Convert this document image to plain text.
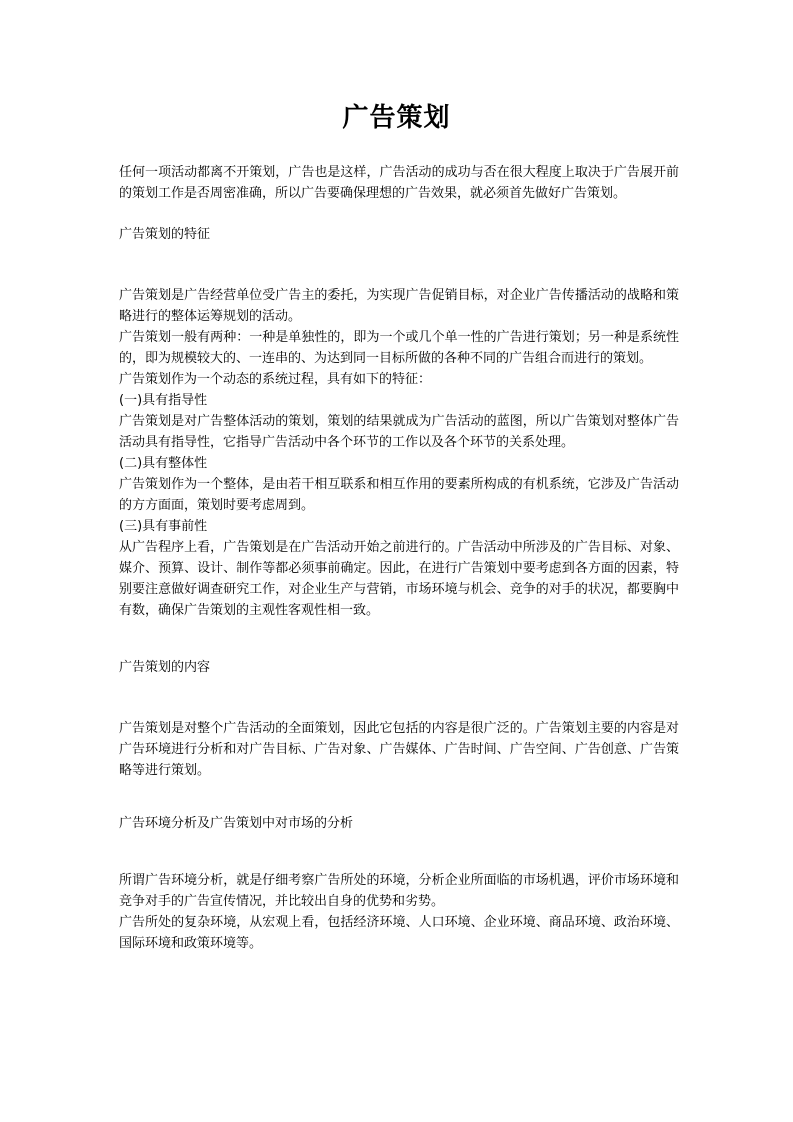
广告策划

任何一项活动都离不开策划，广告也是这样，广告活动的成功与否在很大程度上取决于广告展开前的策划工作是否周密准确，所以广告要确保理想的广告效果，就必须首先做好广告策划。

广告策划的特征

广告策划是广告经营单位受广告主的委托，为实现广告促销目标，对企业广告传播活动的战略和策略进行的整体运筹规划的活动。

广告策划一般有两种：一种是单独性的，即为一个或几个单一性的广告进行策划；另一种是系统性的，即为规模较大的、一连串的、为达到同一目标所做的各种不同的广告组合而进行的策划。

广告策划作为一个动态的系统过程，具有如下的特征：

(一)具有指导性

广告策划是对广告整体活动的策划，策划的结果就成为广告活动的蓝图，所以广告策划对整体广告活动具有指导性，它指导广告活动中各个环节的工作以及各个环节的关系处理。

(二)具有整体性

广告策划作为一个整体，是由若干相互联系和相互作用的要素所构成的有机系统，它涉及广告活动的方方面面，策划时要考虑周到。

(三)具有事前性

从广告程序上看，广告策划是在广告活动开始之前进行的。广告活动中所涉及的广告目标、对象、媒介、预算、设计、制作等都必须事前确定。因此，在进行广告策划中要考虑到各方面的因素，特别要注意做好调查研究工作，对企业生产与营销，市场环境与机会、竞争的对手的状况，都要胸中有数，确保广告策划的主观性客观性相一致。

广告策划的内容

广告策划是对整个广告活动的全面策划，因此它包括的内容是很广泛的。广告策划主要的内容是对广告环境进行分析和对广告目标、广告对象、广告媒体、广告时间、广告空间、广告创意、广告策略等进行策划。

广告环境分析及广告策划中对市场的分析

所谓广告环境分析，就是仔细考察广告所处的环境，分析企业所面临的市场机遇，评价市场环境和竞争对手的广告宣传情况，并比较出自身的优势和劣势。

广告所处的复杂环境，从宏观上看，包括经济环境、人口环境、企业环境、商品环境、政治环境、国际环境和政策环境等。
